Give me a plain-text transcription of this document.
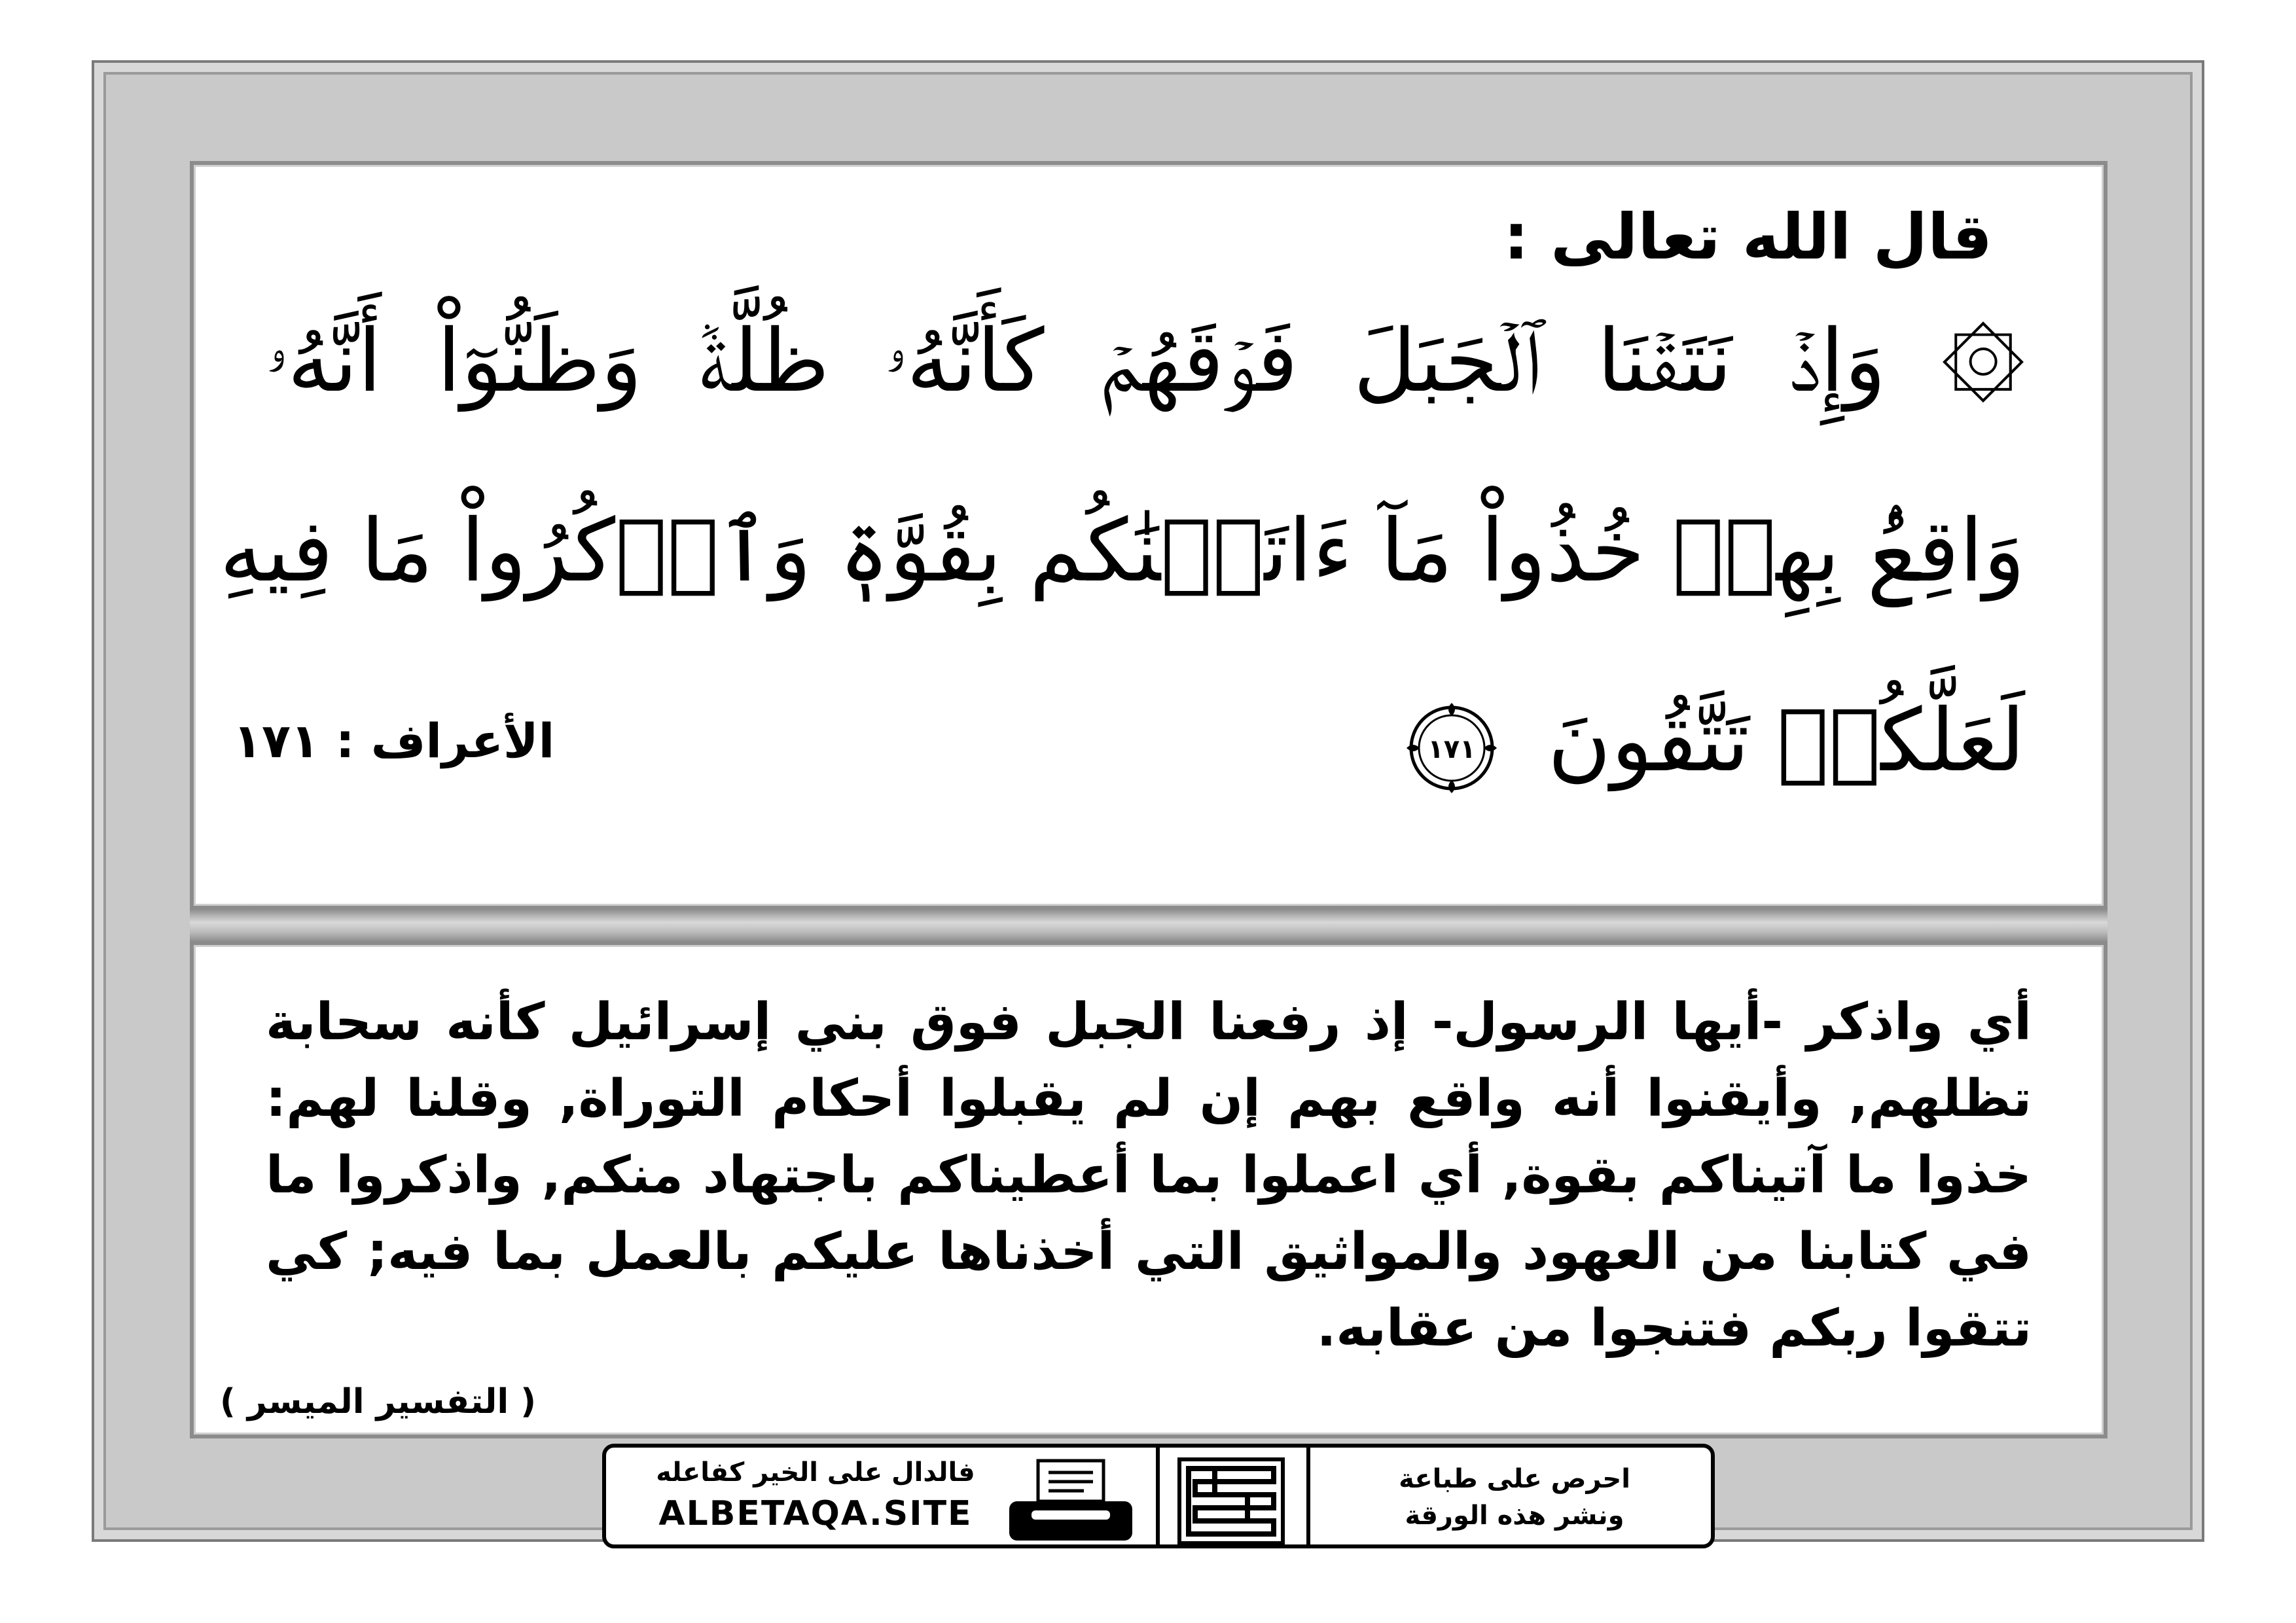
قال الله تعالى :
۞ وَإِذۡ نَتَقۡنَا ٱلۡجَبَلَ فَوۡقَهُمۡ كَأَنَّهُۥ ظُلَّةٞ وَظَنُّوٓاْ أَنَّهُۥ
وَاقِعُۢ بِهِمۡ خُذُواْ مَآ ءَاتَيۡنَٰكُم بِقُوَّةٖ وَٱذۡكُرُواْ مَا فِيهِ
لَعَلَّكُمۡ تَتَّقُونَ
١٧١
الأعراف : ١٧١
أي واذكر -أيها الرسول- إذ رفعنا الجبل فوق بني إسرائيل كأنه سحابة تظلهم, وأيقنوا أنه واقع بهم إن لم يقبلوا أحكام التوراة, وقلنا لهم: خذوا ما آتيناكم بقوة, أي اعملوا بما أعطيناكم باجتهاد منكم, واذكروا ما في كتابنا من العهود والمواثيق التي أخذناها عليكم بالعمل بما فيه; كي تتقوا ربكم فتنجوا من عقابه.
( التفسير الميسر )
فالدال على الخير كفاعله
ALBETAQA.SITE
احرص على طباعة
ونشر هذه الورقة
